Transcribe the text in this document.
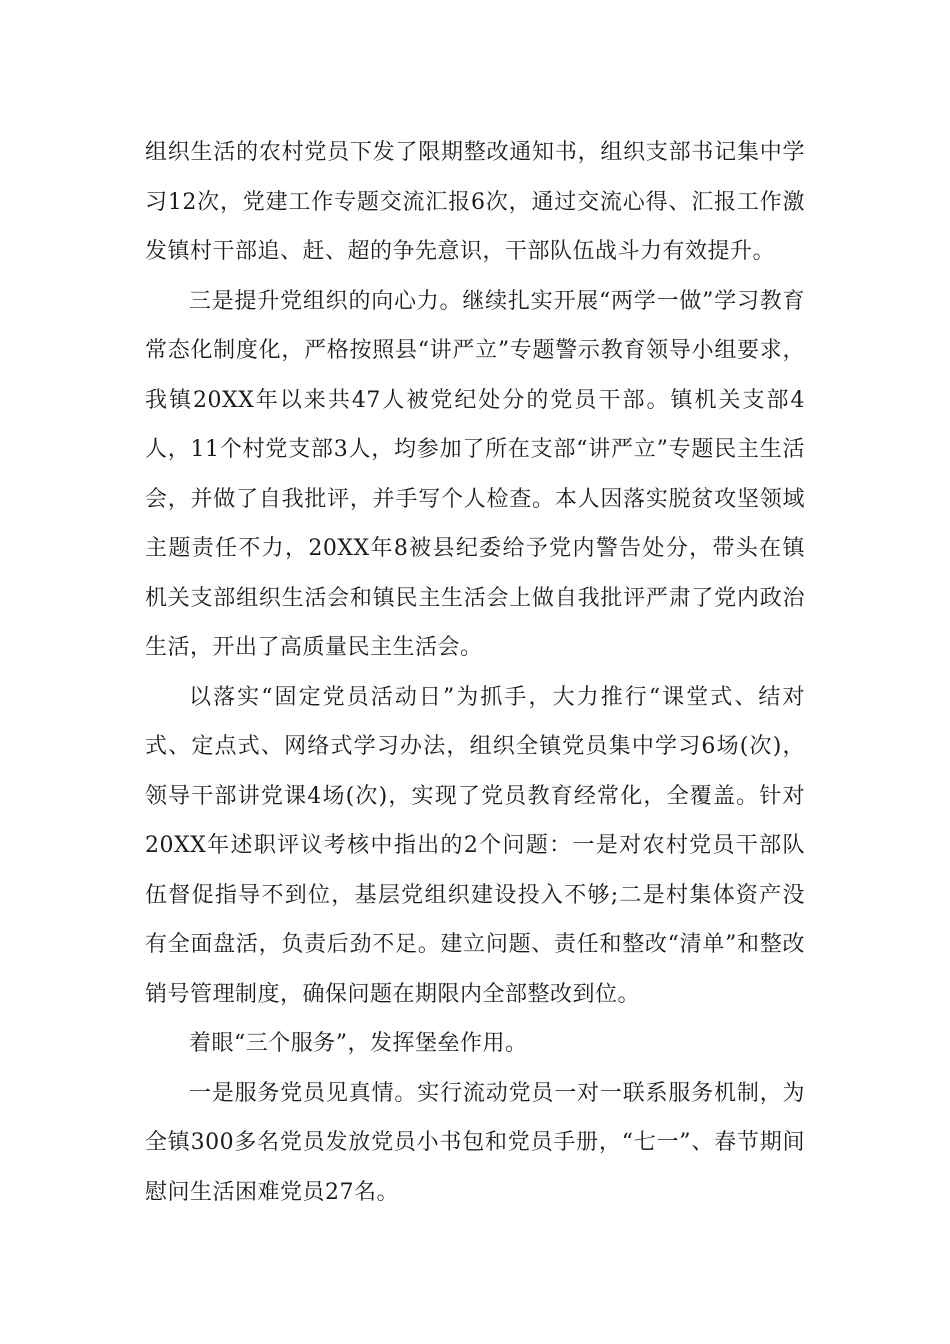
组织生活的农村党员下发了限期整改通知书，组织支部书记集中学习12次，党建工作专题交流汇报6次，通过交流心得、汇报工作激发镇村干部追、赶、超的争先意识，干部队伍战斗力有效提升。

三是提升党组织的向心力。继续扎实开展“两学一做”学习教育常态化制度化，严格按照县“讲严立”专题警示教育领导小组要求，我镇20XX年以来共47人被党纪处分的党员干部。镇机关支部4人，11个村党支部3人，均参加了所在支部“讲严立”专题民主生活会，并做了自我批评，并手写个人检查。本人因落实脱贫攻坚领域主题责任不力，20XX年8被县纪委给予党内警告处分，带头在镇机关支部组织生活会和镇民主生活会上做自我批评严肃了党内政治生活，开出了高质量民主生活会。

以落实“固定党员活动日”为抓手，大力推行“课堂式、结对式、定点式、网络式学习办法，组织全镇党员集中学习6场(次)，领导干部讲党课4场(次)，实现了党员教育经常化，全覆盖。针对20XX年述职评议考核中指出的2个问题：一是对农村党员干部队伍督促指导不到位，基层党组织建设投入不够;二是村集体资产没有全面盘活，负责后劲不足。建立问题、责任和整改“清单”和整改销号管理制度，确保问题在期限内全部整改到位。

着眼“三个服务”，发挥堡垒作用。

一是服务党员见真情。实行流动党员一对一联系服务机制，为全镇300多名党员发放党员小书包和党员手册，“七一”、春节期间慰问生活困难党员27名。
